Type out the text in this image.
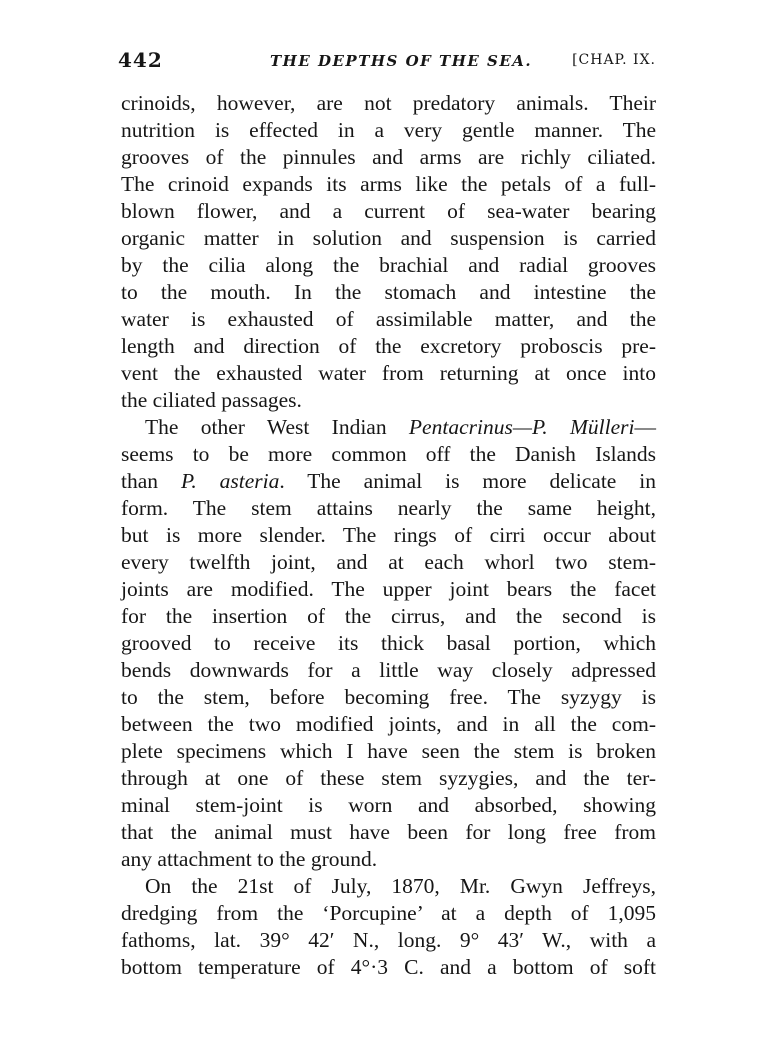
442	THE DEPTHS OF THE SEA.	[CHAP. IX.
crinoids, however, are not predatory animals. Their
nutrition is effected in a very gentle manner. The
grooves of the pinnules and arms are richly ciliated.
The crinoid expands its arms like the petals of a full-
blown flower, and a current of sea-water bearing
organic matter in solution and suspension is carried
by the cilia along the brachial and radial grooves
to the mouth. In the stomach and intestine the
water is exhausted of assimilable matter, and the
length and direction of the excretory proboscis pre-
vent the exhausted water from returning at once into
the ciliated passages.
The other West Indian Pentacrinus—P. Mülleri—
seems to be more common off the Danish Islands
than P. asteria. The animal is more delicate in
form. The stem attains nearly the same height,
but is more slender. The rings of cirri occur about
every twelfth joint, and at each whorl two stem-
joints are modified. The upper joint bears the facet
for the insertion of the cirrus, and the second is
grooved to receive its thick basal portion, which
bends downwards for a little way closely adpressed
to the stem, before becoming free. The syzygy is
between the two modified joints, and in all the com-
plete specimens which I have seen the stem is broken
through at one of these stem syzygies, and the ter-
minal stem-joint is worn and absorbed, showing
that the animal must have been for long free from
any attachment to the ground.
On the 21st of July, 1870, Mr. Gwyn Jeffreys,
dredging from the ‘Porcupine’ at a depth of 1,095
fathoms, lat. 39° 42′ N., long. 9° 43′ W., with a
bottom temperature of 4°·3 C. and a bottom of soft
